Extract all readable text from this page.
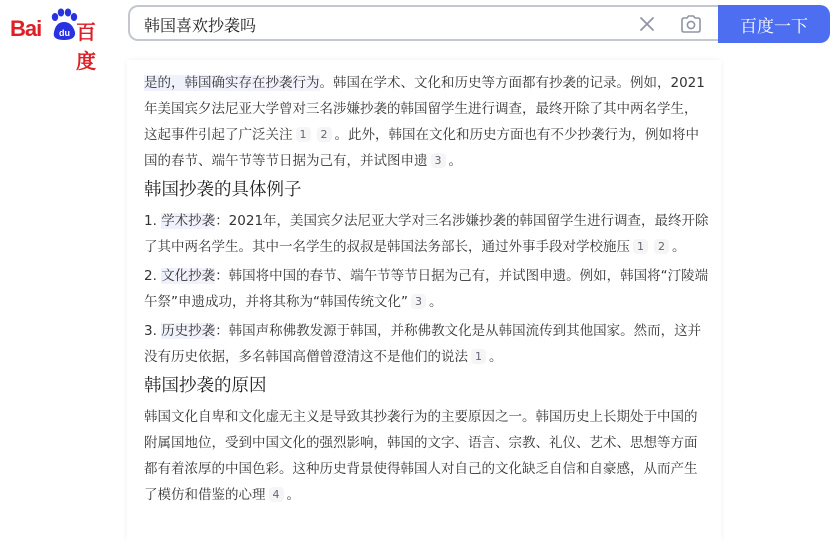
Bai du 百度
韩国喜欢抄袭吗
百度一下

是的，韩国确实存在抄袭行为。韩国在学术、文化和历史等方面都有抄袭的记录。例如，2021年美国宾夕法尼亚大学曾对三名涉嫌抄袭的韩国留学生进行调查，最终开除了其中两名学生，这起事件引起了广泛关注 1 2 。此外，韩国在文化和历史方面也有不少抄袭行为，例如将中国的春节、端午节等节日据为己有，并试图申遗 3 。

韩国抄袭的具体例子

1. 学术抄袭：2021年，美国宾夕法尼亚大学对三名涉嫌抄袭的韩国留学生进行调查，最终开除了其中两名学生。其中一名学生的叔叔是韩国法务部长，通过外事手段对学校施压 1 2 。

2. 文化抄袭：韩国将中国的春节、端午节等节日据为己有，并试图申遗。例如，韩国将“汀陵端午祭”申遗成功，并将其称为“韩国传统文化” 3 。

3. 历史抄袭：韩国声称佛教发源于韩国，并称佛教文化是从韩国流传到其他国家。然而，这并没有历史依据，多名韩国高僧曾澄清这不是他们的说法 1 。

韩国抄袭的原因

韩国文化自卑和文化虚无主义是导致其抄袭行为的主要原因之一。韩国历史上长期处于中国的附属国地位，受到中国文化的强烈影响，韩国的文字、语言、宗教、礼仪、艺术、思想等方面都有着浓厚的中国色彩。这种历史背景使得韩国人对自己的文化缺乏自信和自豪感，从而产生了模仿和借鉴的心理 4 。
